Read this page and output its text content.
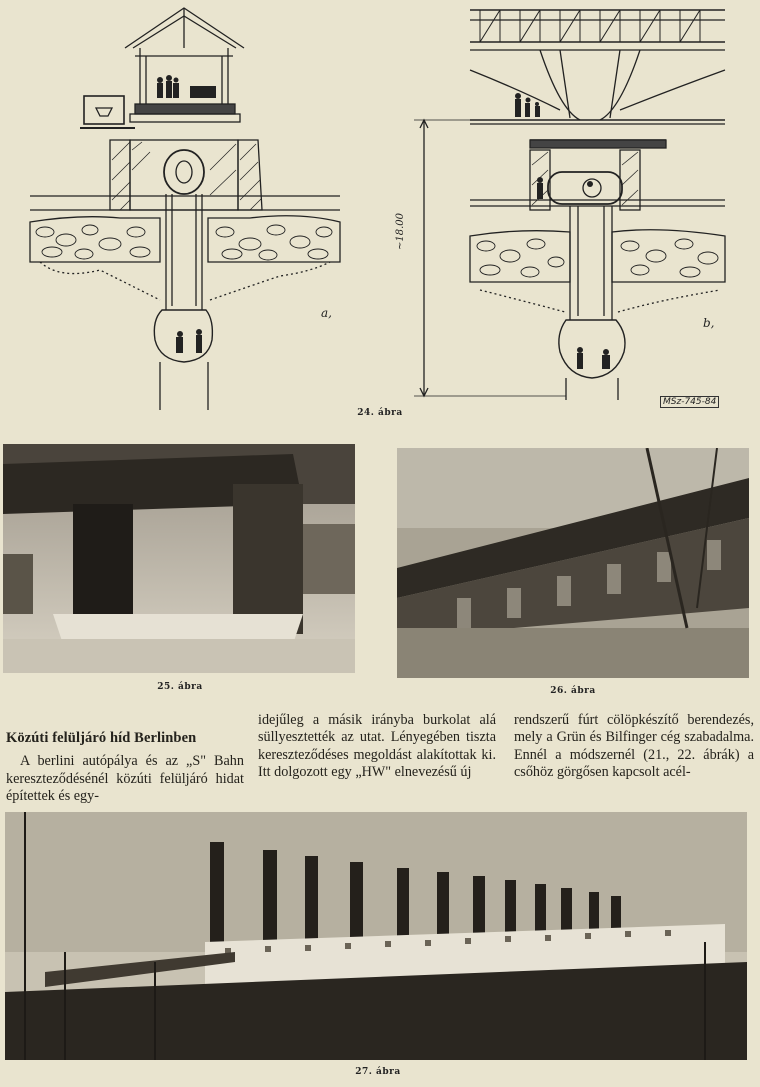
a,
b,
~18.00
MSz-745-84
24. ábra
25. ábra	26. ábra
Közúti felüljáró híd Berlinben

A berlini autópálya és az „S" Bahn kereszteződésénél közúti felüljáró hidat építettek és egy-

idejűleg a másik irányba burkolat alá süllyesztették az utat. Lényegében tiszta kereszteződéses megoldást alakítottak ki. Itt dolgozott egy „HW" elnevezésű új

rendszerű fúrt cölöpkészítő berendezés, mely a Grün és Bilfinger cég szabadalma. Ennél a módszernél (21., 22. ábrák) a csőhöz görgősen kapcsolt acél-

27. ábra
